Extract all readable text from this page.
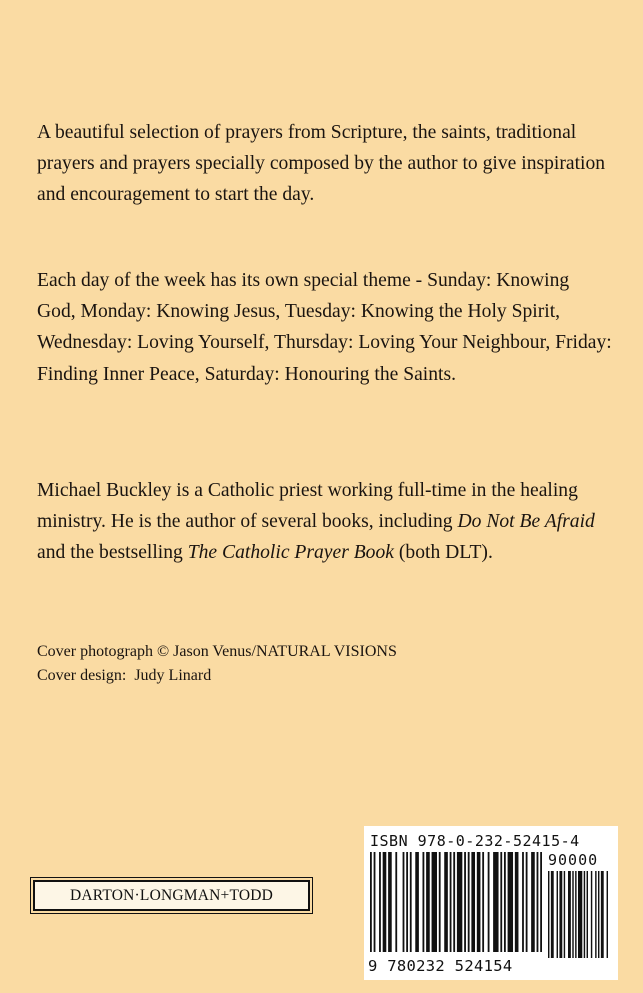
A beautiful selection of prayers from Scripture, the saints, traditional prayers and prayers specially composed by the author to give inspiration and encouragement to start the day.

Each day of the week has its own special theme - Sunday: Knowing God, Monday: Knowing Jesus, Tuesday: Knowing the Holy Spirit, Wednesday: Loving Yourself, Thursday: Loving Your Neighbour, Friday: Finding Inner Peace, Saturday: Honouring the Saints.

Michael Buckley is a Catholic priest working full-time in the healing ministry. He is the author of several books, including Do Not Be Afraid and the bestselling The Catholic Prayer Book (both DLT).

Cover photograph © Jason Venus/NATURAL VISIONS
Cover design:  Judy Linard
DARTON·LONGMAN+TODD
ISBN 978-0-232-52415-4
90000
9 780232 524154
